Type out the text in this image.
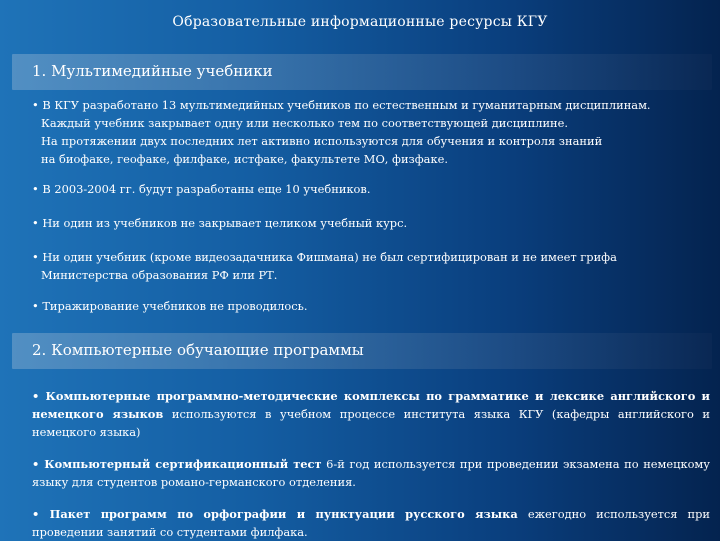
Образовательные информационные ресурсы КГУ
1. Мультимедийные учебники
• В КГУ разработано 13 мультимедийных учебников по естественным и гуманитарным дисциплинам.
Каждый учебник закрывает одну или несколько тем по соответствующей дисциплине.
На протяжении двух последних лет активно используются для обучения и контроля знаний
на биофаке, геофаке, филфаке, истфаке, факультете МО, физфаке.
• В 2003-2004 гг. будут разработаны еще 10 учебников.
• Ни один из учебников не закрывает целиком учебный курс.
• Ни один учебник (кроме видеозадачника Фишмана) не был сертифицирован и не имеет грифа
Министерства образования РФ или РТ.
• Тиражирование учебников не проводилось.
2. Компьютерные обучающие программы
• Компьютерные программно-методические комплексы по грамматике и лексике английского и немецкого языков используются в учебном процессе института языка КГУ (кафедры английского и немецкого языка)
• Компьютерный сертификационный тест 6-й год используется при проведении экзамена по немецкому языку для студентов романо-германского отделения.
• Пакет программ по орфографии и пунктуации русского языка ежегодно используется при проведении занятий со студентами филфака.
